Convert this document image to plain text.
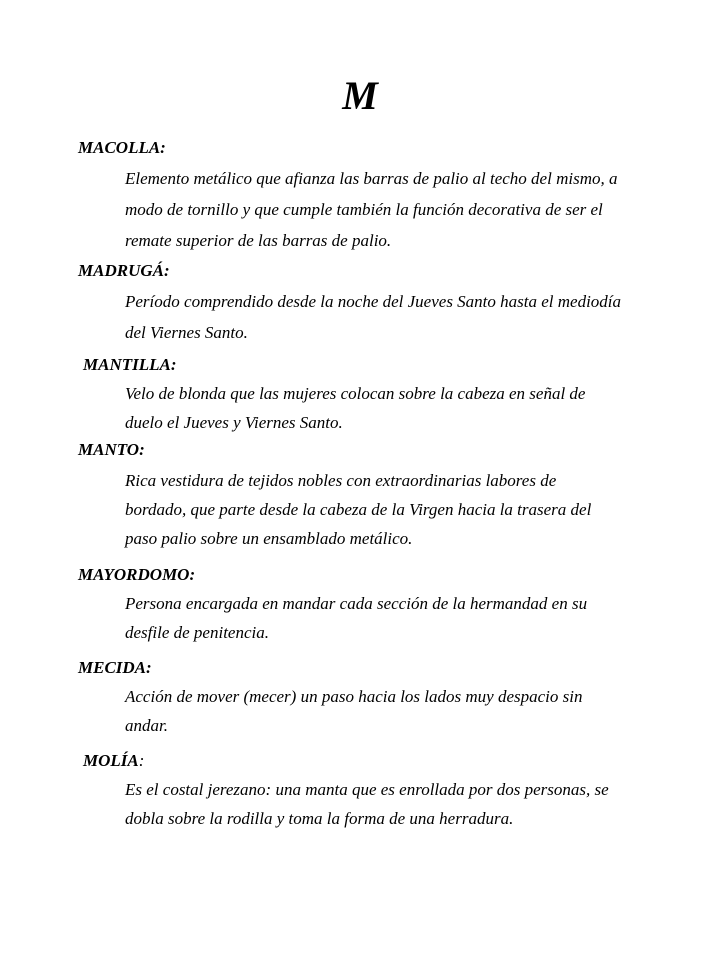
M
MACOLLA:
Elemento metálico que afianza las barras de palio al techo del mismo, a
modo de tornillo y que cumple también la función decorativa de ser el
remate superior de las barras de palio.
MADRUGÁ:
Período comprendido desde la noche del Jueves Santo hasta el mediodía
del Viernes Santo.
MANTILLA:
Velo de blonda que las mujeres colocan sobre la cabeza en señal de
duelo el Jueves y Viernes Santo.
MANTO:
Rica vestidura de tejidos nobles con extraordinarias labores de
bordado, que parte desde la cabeza de la Virgen hacia la trasera del
paso palio sobre un ensamblado metálico.
MAYORDOMO:
Persona encargada en mandar cada sección de la hermandad en su
desfile de penitencia.
MECIDA:
Acción de mover (mecer) un paso hacia los lados muy despacio sin
andar.
MOLÍA:
Es el costal jerezano: una manta que es enrollada por dos personas, se
dobla sobre la rodilla y toma la forma de una herradura.
